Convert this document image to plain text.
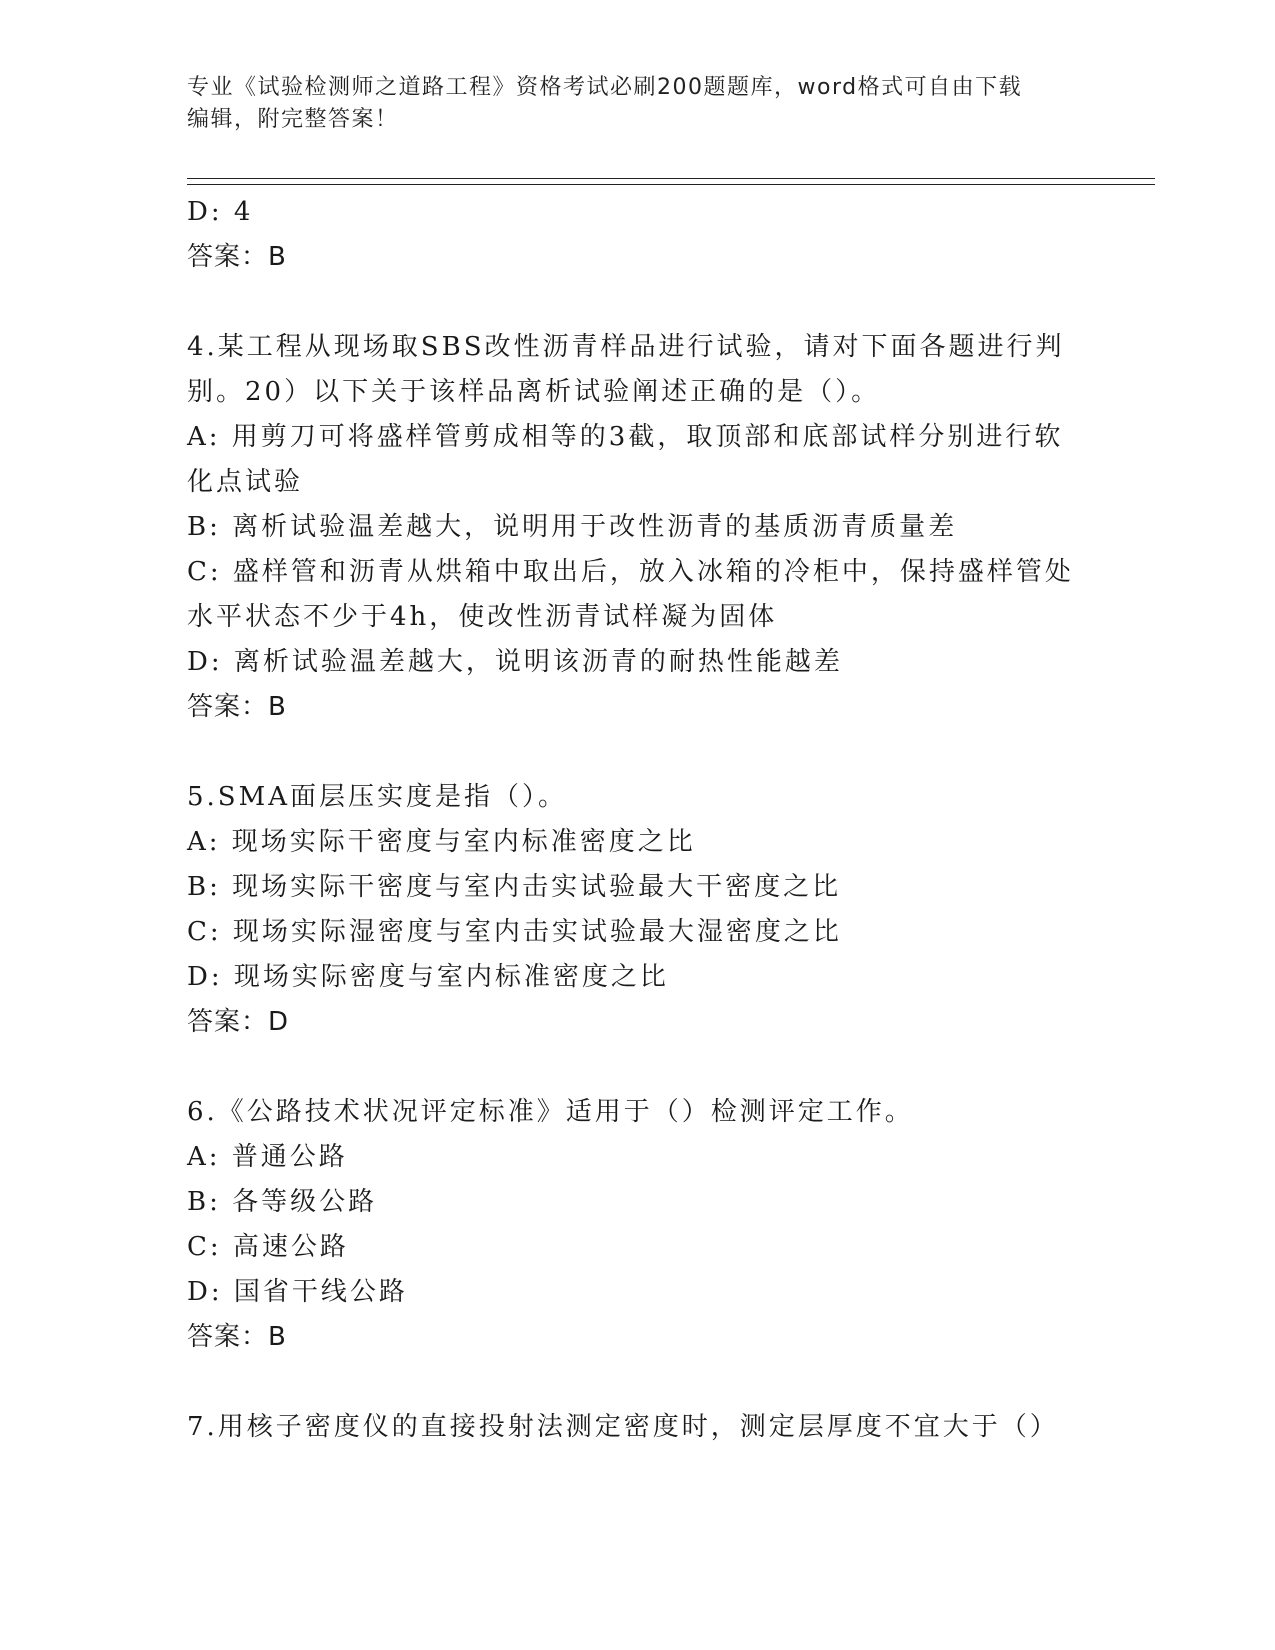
专业《试验检测师之道路工程》资格考试必刷200题题库，word格式可自由下载
编辑，附完整答案！
D: 4
答案：B
4.某工程从现场取SBS改性沥青样品进行试验，请对下面各题进行判
别。20）以下关于该样品离析试验阐述正确的是（）。
A: 用剪刀可将盛样管剪成相等的3截，取顶部和底部试样分别进行软
化点试验
B: 离析试验温差越大，说明用于改性沥青的基质沥青质量差
C: 盛样管和沥青从烘箱中取出后，放入冰箱的冷柜中，保持盛样管处
水平状态不少于4h，使改性沥青试样凝为固体
D: 离析试验温差越大，说明该沥青的耐热性能越差
答案：B
5.SMA面层压实度是指（）。
A: 现场实际干密度与室内标准密度之比
B: 现场实际干密度与室内击实试验最大干密度之比
C: 现场实际湿密度与室内击实试验最大湿密度之比
D: 现场实际密度与室内标准密度之比
答案：D
6.《公路技术状况评定标准》适用于（）检测评定工作。
A: 普通公路
B: 各等级公路
C: 高速公路
D: 国省干线公路
答案：B
7.用核子密度仪的直接投射法测定密度时，测定层厚度不宜大于（）
